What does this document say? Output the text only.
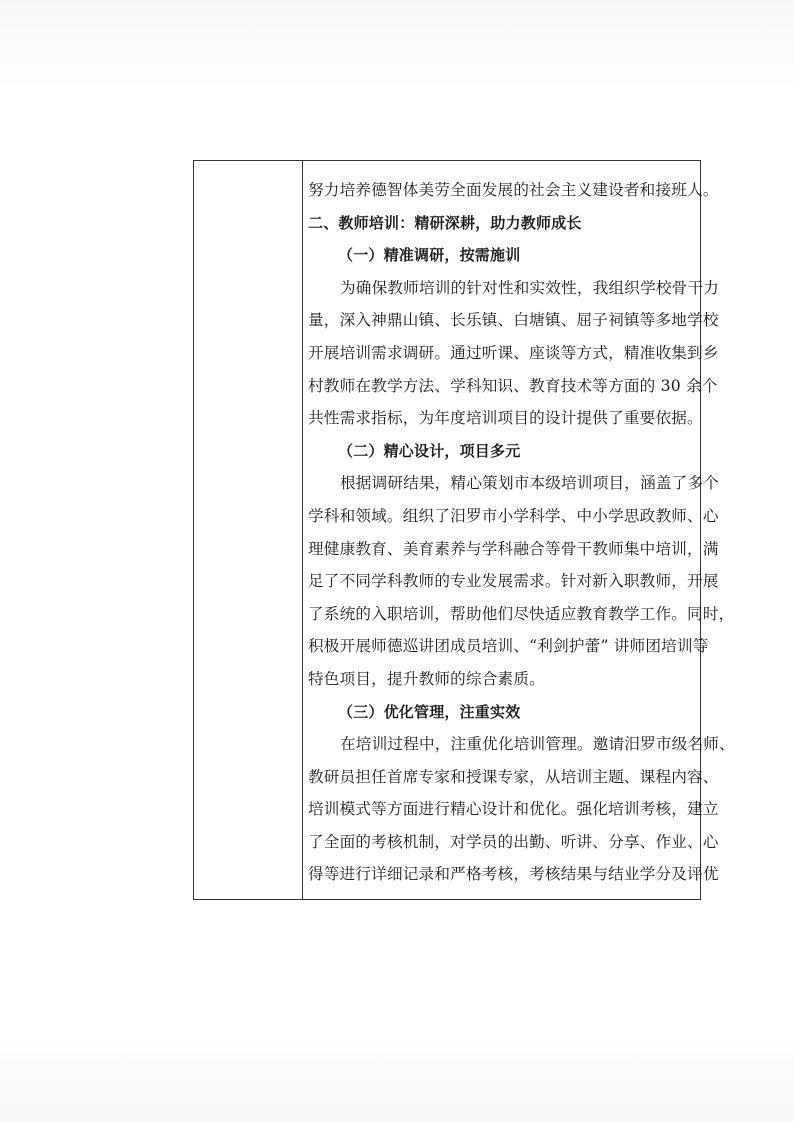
努力培养德智体美劳全面发展的社会主义建设者和接班人。
二、教师培训：精研深耕，助力教师成长
（一）精准调研，按需施训
为确保教师培训的针对性和实效性，我组织学校骨干力
量，深入神鼎山镇、长乐镇、白塘镇、屈子祠镇等多地学校
开展培训需求调研。通过听课、座谈等方式，精准收集到乡
村教师在教学方法、学科知识、教育技术等方面的 30 余个
共性需求指标，为年度培训项目的设计提供了重要依据。
（二）精心设计，项目多元
根据调研结果，精心策划市本级培训项目，涵盖了多个
学科和领域。组织了汨罗市小学科学、中小学思政教师、心
理健康教育、美育素养与学科融合等骨干教师集中培训，满
足了不同学科教师的专业发展需求。针对新入职教师，开展
了系统的入职培训，帮助他们尽快适应教育教学工作。同时，
积极开展师德巡讲团成员培训、“利剑护蕾” 讲师团培训等
特色项目，提升教师的综合素质。
（三）优化管理，注重实效
在培训过程中，注重优化培训管理。邀请汨罗市级名师、
教研员担任首席专家和授课专家，从培训主题、课程内容、
培训模式等方面进行精心设计和优化。强化培训考核，建立
了全面的考核机制，对学员的出勤、听讲、分享、作业、心
得等进行详细记录和严格考核，考核结果与结业学分及评优
